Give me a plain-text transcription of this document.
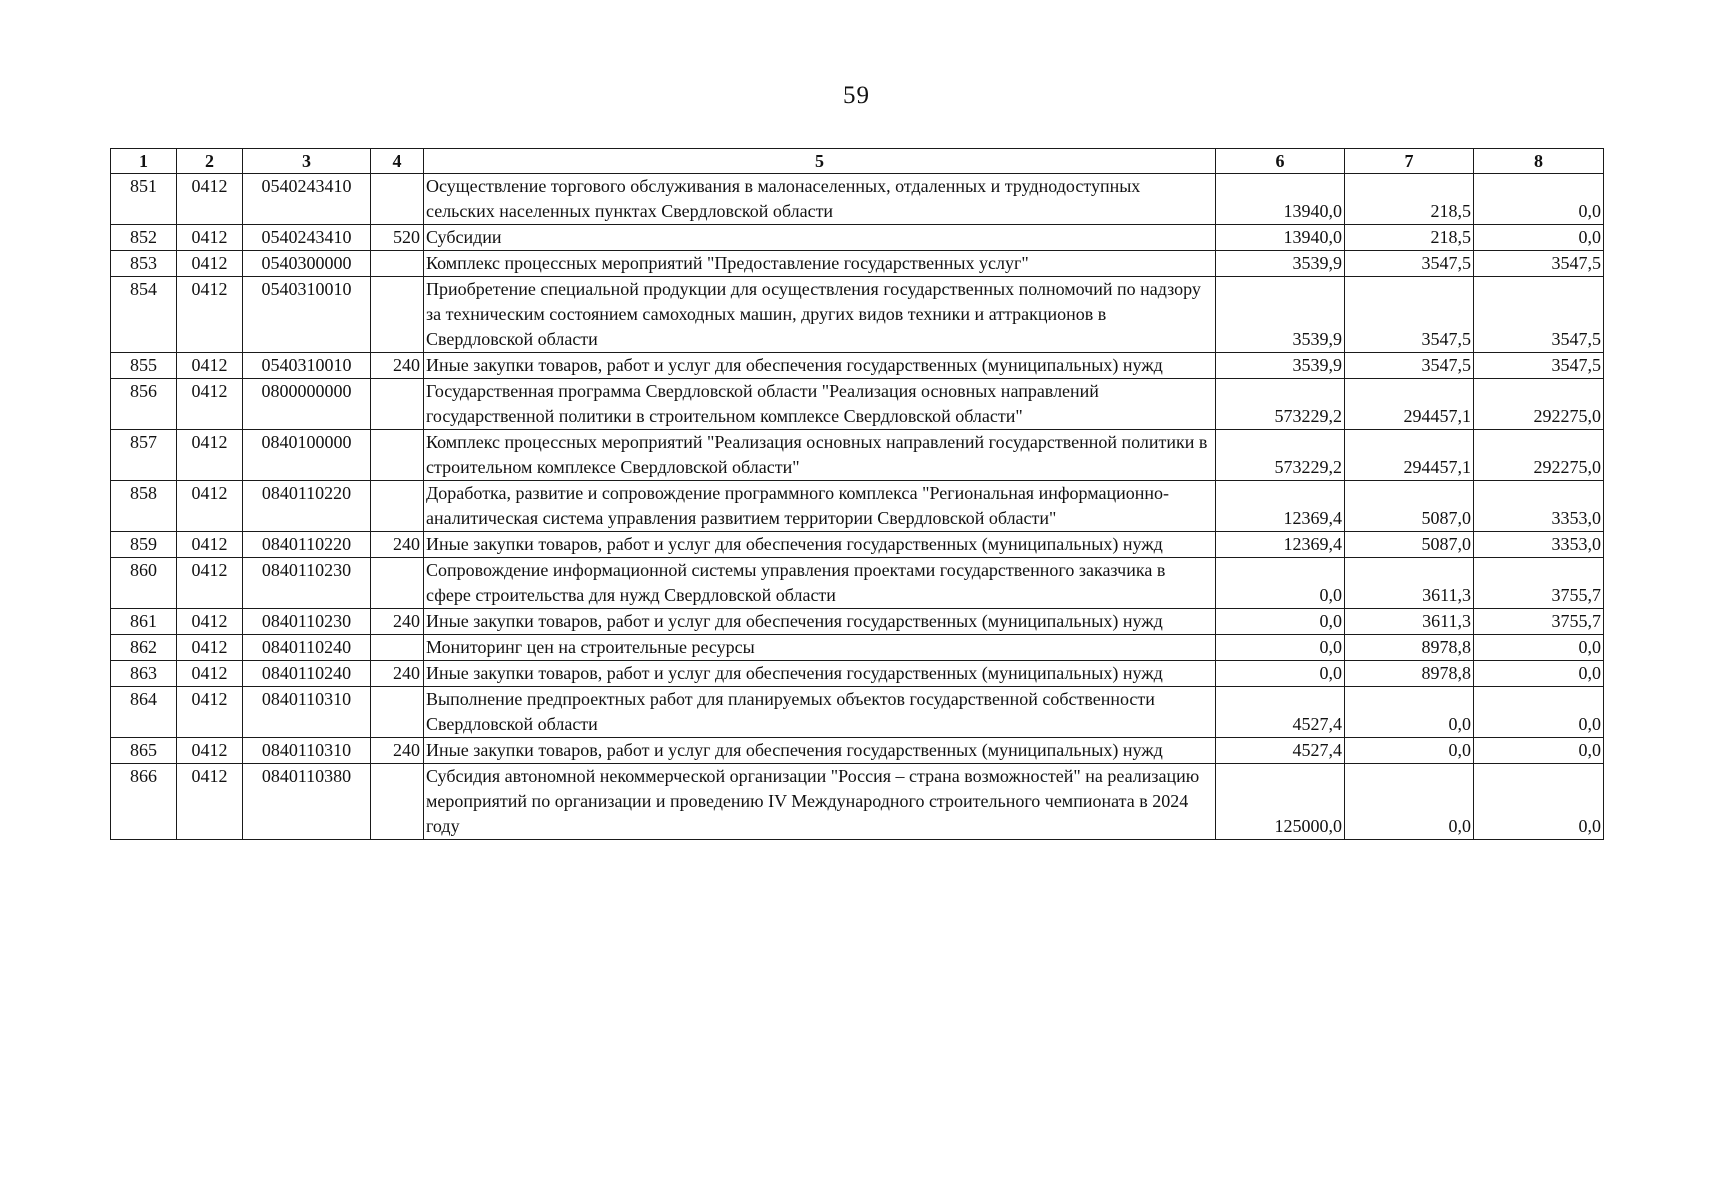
59
1	2	3	4	5	6	7	8
851	0412	0540243410		Осуществление торгового обслуживания в малонаселенных, отдаленных и труднодоступных сельских населенных пунктах Свердловской области	13940,0	218,5	0,0
852	0412	0540243410	520	Субсидии	13940,0	218,5	0,0
853	0412	0540300000		Комплекс процессных мероприятий "Предоставление государственных услуг"	3539,9	3547,5	3547,5
854	0412	0540310010		Приобретение специальной продукции для осуществления государственных полномочий по надзору за техническим состоянием самоходных машин, других видов техники и аттракционов в Свердловской области	3539,9	3547,5	3547,5
855	0412	0540310010	240	Иные закупки товаров, работ и услуг для обеспечения государственных (муниципальных) нужд	3539,9	3547,5	3547,5
856	0412	0800000000		Государственная программа Свердловской области "Реализация основных направлений государственной политики в строительном комплексе Свердловской области"	573229,2	294457,1	292275,0
857	0412	0840100000		Комплекс процессных мероприятий "Реализация основных направлений государственной политики в строительном комплексе Свердловской области"	573229,2	294457,1	292275,0
858	0412	0840110220		Доработка, развитие и сопровождение программного комплекса "Региональная информационно-аналитическая система управления развитием территории Свердловской области"	12369,4	5087,0	3353,0
859	0412	0840110220	240	Иные закупки товаров, работ и услуг для обеспечения государственных (муниципальных) нужд	12369,4	5087,0	3353,0
860	0412	0840110230		Сопровождение информационной системы управления проектами государственного заказчика в сфере строительства для нужд Свердловской области	0,0	3611,3	3755,7
861	0412	0840110230	240	Иные закупки товаров, работ и услуг для обеспечения государственных (муниципальных) нужд	0,0	3611,3	3755,7
862	0412	0840110240		Мониторинг цен на строительные ресурсы	0,0	8978,8	0,0
863	0412	0840110240	240	Иные закупки товаров, работ и услуг для обеспечения государственных (муниципальных) нужд	0,0	8978,8	0,0
864	0412	0840110310		Выполнение предпроектных работ для планируемых объектов государственной собственности Свердловской области	4527,4	0,0	0,0
865	0412	0840110310	240	Иные закупки товаров, работ и услуг для обеспечения государственных (муниципальных) нужд	4527,4	0,0	0,0
866	0412	0840110380		Субсидия автономной некоммерческой организации "Россия – страна возможностей" на реализацию мероприятий по организации и проведению IV Международного строительного чемпионата в 2024 году	125000,0	0,0	0,0
